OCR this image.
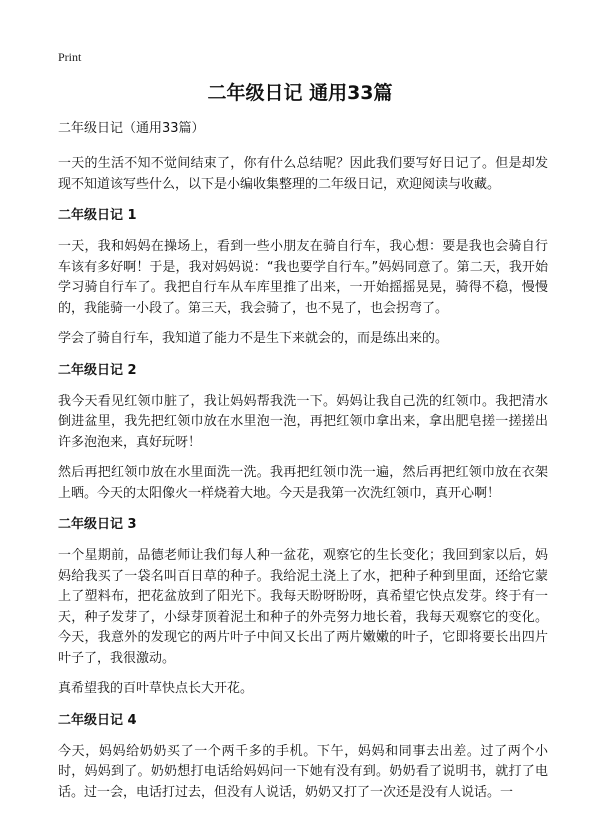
Print
二年级日记 通用33篇

二年级日记（通用33篇）

一天的生活不知不觉间结束了，你有什么总结呢？因此我们要写好日记了。但是却发现不知道该写些什么，以下是小编收集整理的二年级日记，欢迎阅读与收藏。

二年级日记 1

一天，我和妈妈在操场上，看到一些小朋友在骑自行车，我心想：要是我也会骑自行车该有多好啊！于是，我对妈妈说：“我也要学自行车。”妈妈同意了。第二天，我开始学习骑自行车了。我把自行车从车库里推了出来，一开始摇摇晃晃，骑得不稳，慢慢的，我能骑一小段了。第三天，我会骑了，也不晃了，也会拐弯了。

学会了骑自行车，我知道了能力不是生下来就会的，而是练出来的。

二年级日记 2

我今天看见红领巾脏了，我让妈妈帮我洗一下。妈妈让我自己洗的红领巾。我把清水倒进盆里，我先把红领巾放在水里泡一泡，再把红领巾拿出来，拿出肥皂搓一搓搓出许多泡泡来，真好玩呀！

然后再把红领巾放在水里面洗一洗。我再把红领巾洗一遍，然后再把红领巾放在衣架上晒。今天的太阳像火一样烧着大地。今天是我第一次洗红领巾，真开心啊！

二年级日记 3

一个星期前，品德老师让我们每人种一盆花，观察它的生长变化；我回到家以后，妈妈给我买了一袋名叫百日草的种子。我给泥土浇上了水，把种子种到里面，还给它蒙上了塑料布，把花盆放到了阳光下。我每天盼呀盼呀，真希望它快点发芽。终于有一天，种子发芽了，小绿芽顶着泥土和种子的外壳努力地长着，我每天观察它的变化。今天，我意外的发现它的两片叶子中间又长出了两片嫩嫩的叶子，它即将要长出四片叶子了，我很激动。

真希望我的百叶草快点长大开花。

二年级日记 4

今天，妈妈给奶奶买了一个两千多的手机。下午，妈妈和同事去出差。过了两个小时，妈妈到了。奶奶想打电话给妈妈问一下她有没有到。奶奶看了说明书，就打了电话。过一会，电话打过去，但没有人说话，奶奶又打了一次还是没有人说话。一
